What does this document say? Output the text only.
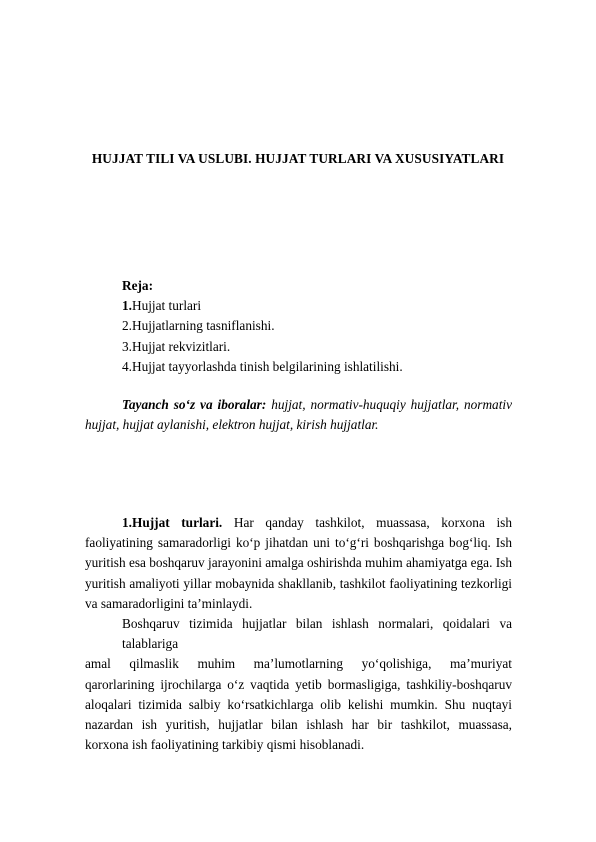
HUJJAT TILI VA USLUBI. HUJJAT TURLARI VA XUSUSIYATLARI
Reja:
1.Hujjat turlari
2.Hujjatlarning tasniflanishi.
3.Hujjat rekvizitlari.
4.Hujjat tayyorlashda tinish belgilarining ishlatilishi.
Tayanch so‘z va iboralar: hujjat, normativ-huquqiy hujjatlar, normativ
hujjat, hujjat aylanishi, elektron hujjat, kirish hujjatlar.
1.Hujjat turlari. Har qanday tashkilot, muassasa, korxona ish
faoliyatining samaradorligi ko‘p jihatdan uni to‘g‘ri boshqarishga bog‘liq. Ish
yuritish esa boshqaruv jarayonini amalga oshirishda muhim ahamiyatga ega. Ish
yuritish amaliyoti yillar mobaynida shakllanib, tashkilot faoliyatining tezkorligi
va samaradorligini ta’minlaydi.
Boshqaruv tizimida hujjatlar bilan ishlash normalari, qoidalari va talablariga
amal qilmaslik muhim ma’lumotlarning yo‘qolishiga, ma’muriyat
qarorlarining ijrochilarga o‘z vaqtida yetib bormasligiga, tashkiliy-boshqaruv
aloqalari tizimida salbiy ko‘rsatkichlarga olib kelishi mumkin. Shu nuqtayi
nazardan ish yuritish, hujjatlar bilan ishlash har bir tashkilot, muassasa,
korxona ish faoliyatining tarkibiy qismi hisoblanadi.
